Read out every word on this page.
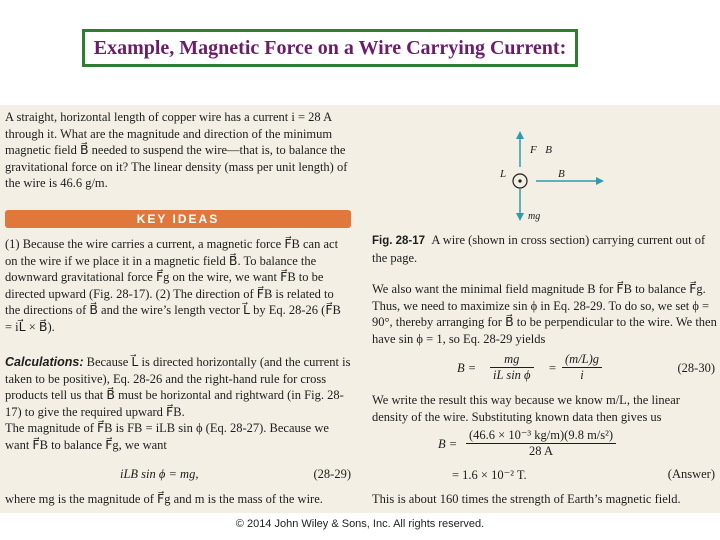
Example, Magnetic Force on a Wire Carrying Current:

A straight, horizontal length of copper wire has a current i = 28 A through it. What are the magnitude and direction of the minimum magnetic field B⃗ needed to suspend the wire—that is, to balance the gravitational force on it? The linear density (mass per unit length) of the wire is 46.6 g/m.

KEY IDEAS

(1) Because the wire carries a current, a magnetic force F⃗B can act on the wire if we place it in a magnetic field B⃗. To balance the downward gravitational force F⃗g on the wire, we want F⃗B to be directed upward (Fig. 28-17). (2) The direction of F⃗B is related to the directions of B⃗ and the wire’s length vector L⃗ by Eq. 28-26 (F⃗B = iL⃗ × B⃗).

Calculations: Because L⃗ is directed horizontally (and the current is taken to be positive), Eq. 28-26 and the right-hand rule for cross products tell us that B⃗ must be horizontal and rightward (in Fig. 28-17) to give the required upward F⃗B.
The magnitude of F⃗B is FB = iLB sin ϕ (Eq. 28-27). Because we want F⃗B to balance F⃗g, we want

iLB sin ϕ = mg,	(28-29)

where mg is the magnitude of F⃗g and m is the mass of the wire.

F⃗B
B⃗
L
mg⃗

Fig. 28-17 A wire (shown in cross section) carrying current out of the page.

We also want the minimal field magnitude B for F⃗B to balance F⃗g. Thus, we need to maximize sin ϕ in Eq. 28-29. To do so, we set ϕ = 90°, thereby arranging for B⃗ to be perpendicular to the wire. We then have sin ϕ = 1, so Eq. 28-29 yields

$B = \frac{mg}{\text{iL sin ϕ}} = \frac{(m/L)g}{i}$	(28-30)

We write the result this way because we know m/L, the linear density of the wire. Substituting known data then gives us

$B = \frac{\text{(46.6 × 10⁻³ kg/m)(9.8 m/s²)}}{28 A}$
= 1.6 × 10⁻² T.	(Answer)

This is about 160 times the strength of Earth’s magnetic field.

© 2014 John Wiley & Sons, Inc. All rights reserved.
